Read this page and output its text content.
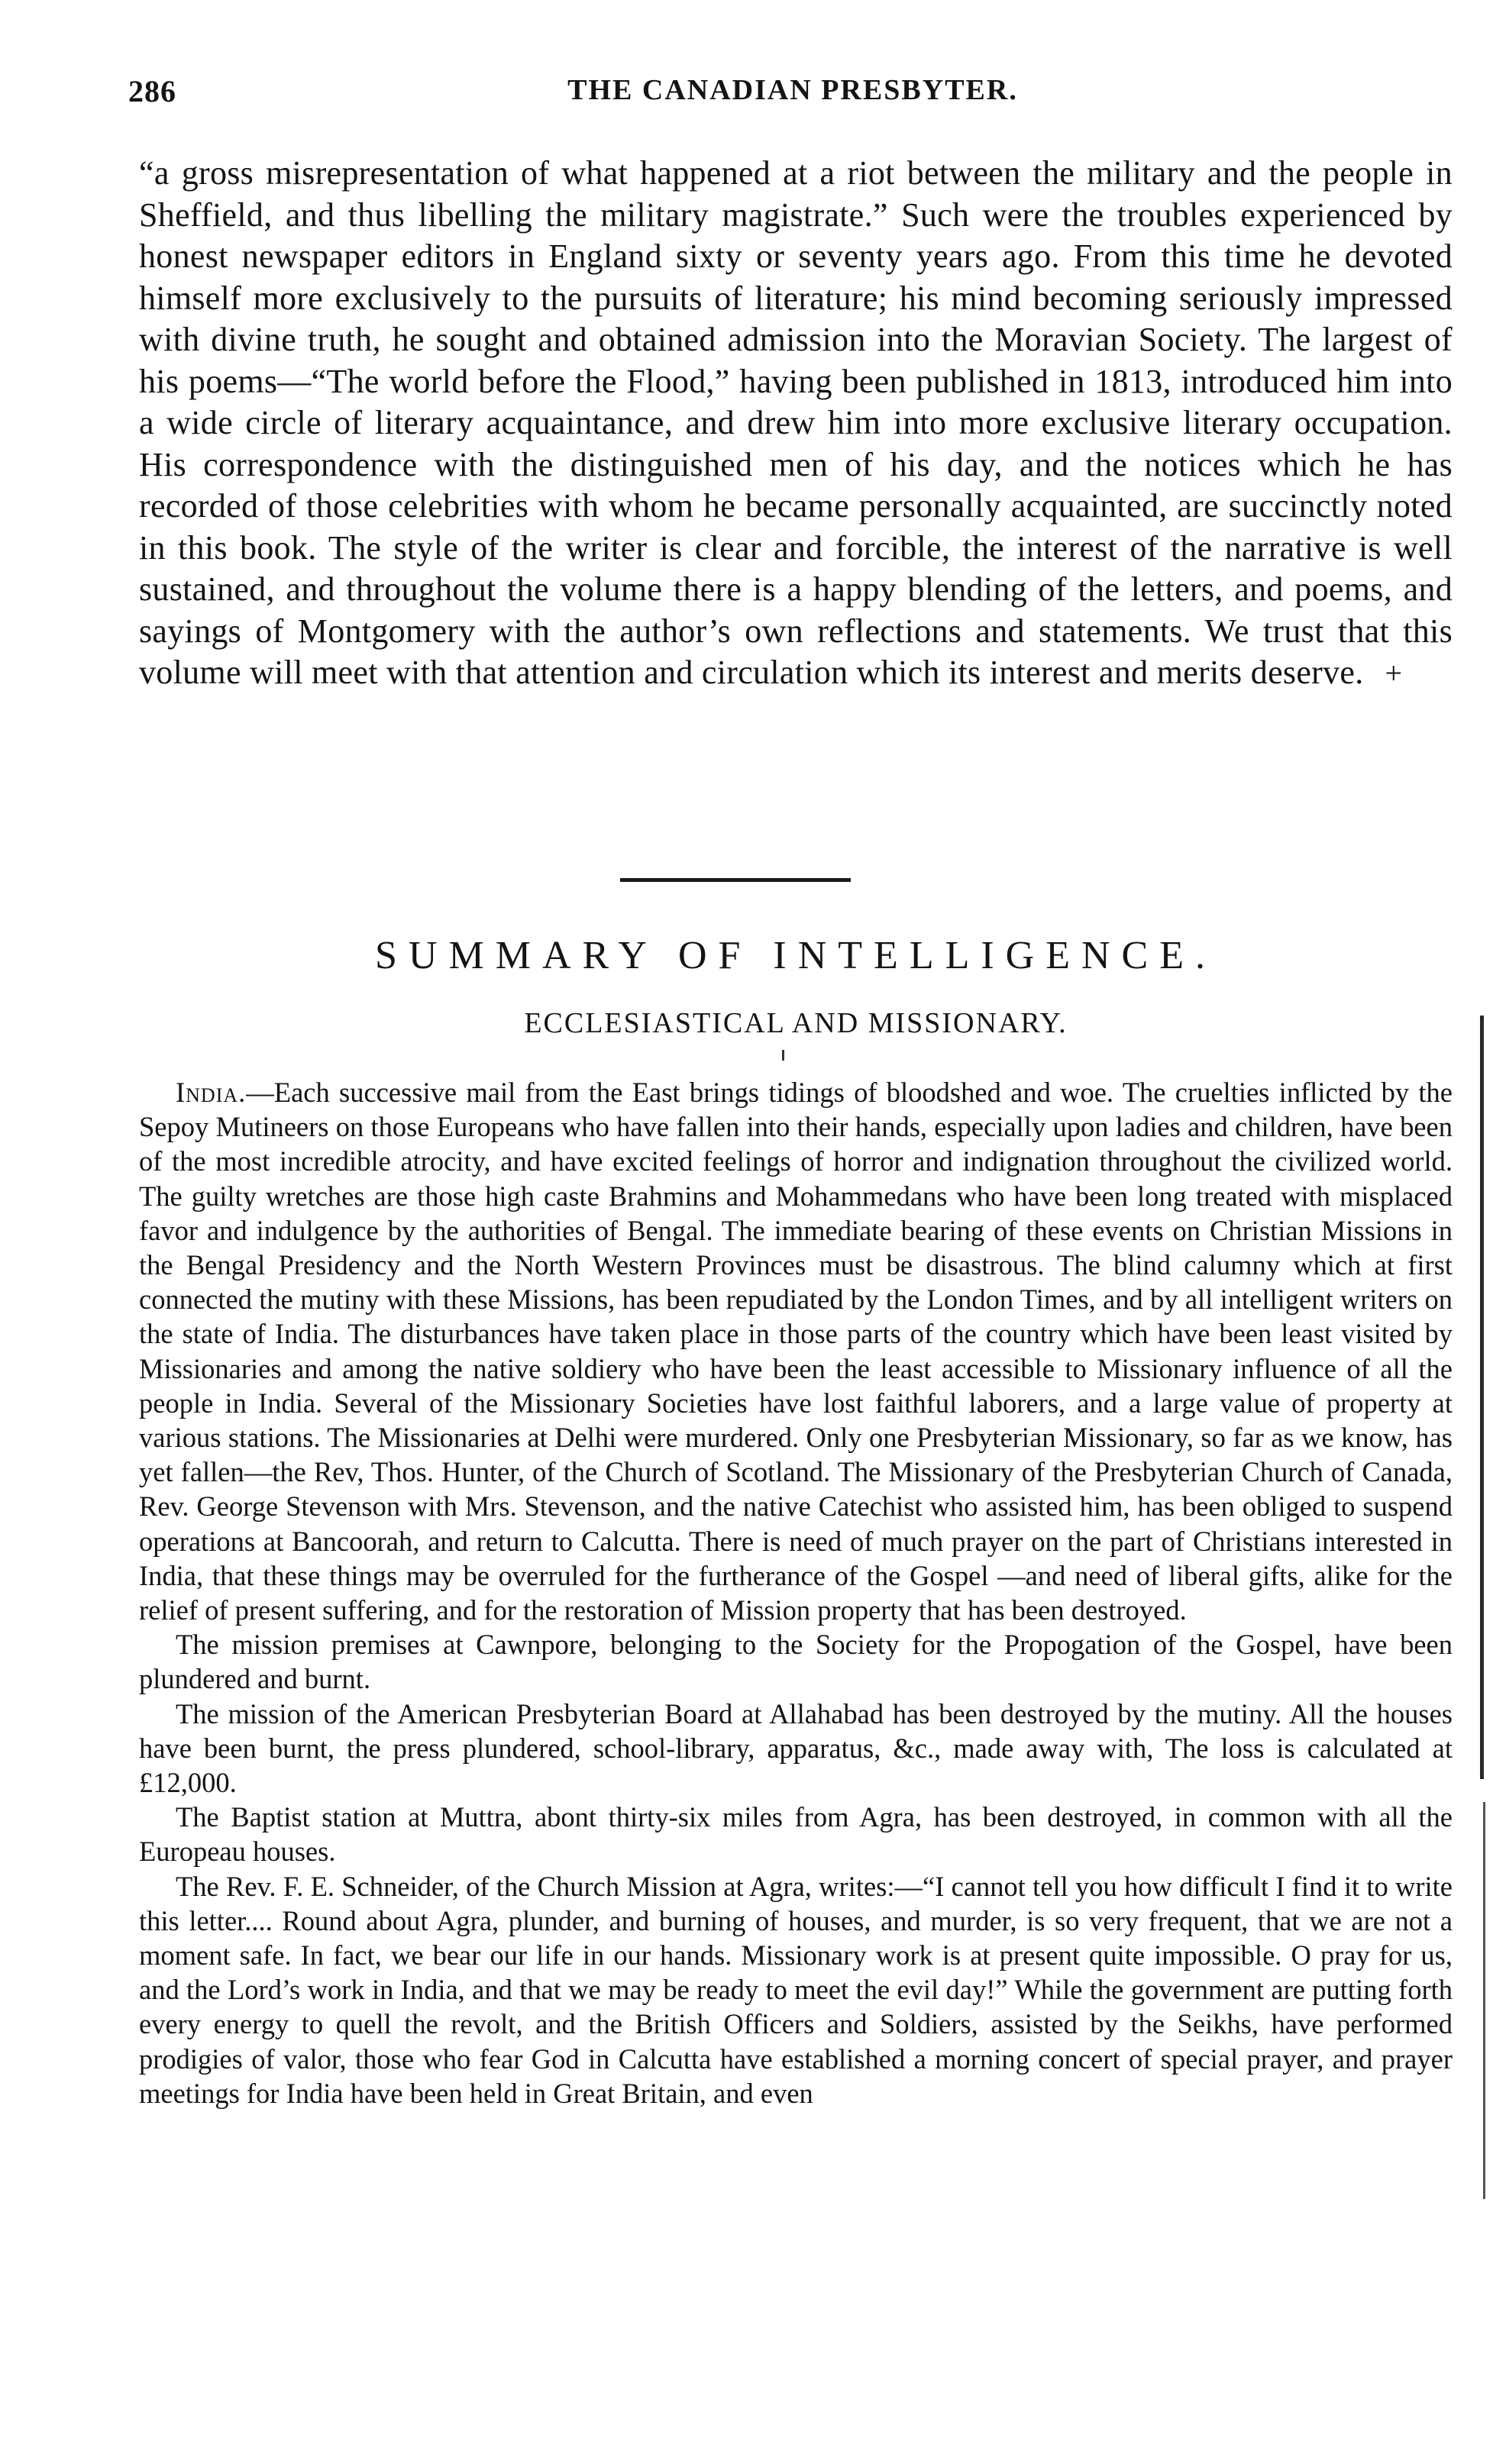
286	THE CANADIAN PRESBYTER.

“a gross misrepresentation of what happened at a riot between the military and the people in Sheffield, and thus libelling the military magistrate.” Such were the troubles experienced by honest newspaper editors in England sixty or seventy years ago. From this time he devoted himself more exclusively to the pursuits of literature; his mind becoming seriously impressed with divine truth, he sought and obtained admission into the Moravian Society. The largest of his poems—“The world before the Flood,” having been published in 1813, introduced him into a wide circle of literary acquaintance, and drew him into more exclusive literary occupation. His correspondence with the distinguished men of his day, and the notices which he has recorded of those celebrities with whom he became personally acquainted, are succinctly noted in this book. The style of the writer is clear and forcible, the interest of the narrative is well sustained, and throughout the volume there is a happy blending of the letters, and poems, and sayings of Montgomery with the author’s own reflections and statements. We trust that this volume will meet with that attention and circulation which its interest and merits deserve. +

SUMMARY OF INTELLIGENCE.
ECCLESIASTICAL AND MISSIONARY.

India.—Each successive mail from the East brings tidings of bloodshed and woe. The cruelties inflicted by the Sepoy Mutineers on those Europeans who have fallen into their hands, especially upon ladies and children, have been of the most incredible atrocity, and have excited feelings of horror and indignation throughout the civilized world. The guilty wretches are those high caste Brahmins and Mohammedans who have been long treated with misplaced favor and indulgence by the authorities of Bengal. The immediate bearing of these events on Christian Missions in the Bengal Presidency and the North Western Provinces must be disastrous. The blind calumny which at first connected the mutiny with these Missions, has been repudiated by the London Times, and by all intelligent writers on the state of India. The disturbances have taken place in those parts of the country which have been least visited by Missionaries and among the native soldiery who have been the least accessible to Missionary influence of all the people in India. Several of the Missionary Societies have lost faithful laborers, and a large value of property at various stations. The Missionaries at Delhi were murdered. Only one Presbyterian Missionary, so far as we know, has yet fallen—the Rev, Thos. Hunter, of the Church of Scotland. The Missionary of the Presbyterian Church of Canada, Rev. George Stevenson with Mrs. Stevenson, and the native Catechist who assisted him, has been obliged to suspend operations at Bancoorah, and return to Calcutta. There is need of much prayer on the part of Christians interested in India, that these things may be overruled for the furtherance of the Gospel —and need of liberal gifts, alike for the relief of present suffering, and for the restoration of Mission property that has been destroyed.

The mission premises at Cawnpore, belonging to the Society for the Propogation of the Gospel, have been plundered and burnt.

The mission of the American Presbyterian Board at Allahabad has been destroyed by the mutiny. All the houses have been burnt, the press plundered, school-library, apparatus, &c., made away with, The loss is calculated at £12,000.

The Baptist station at Muttra, abont thirty-six miles from Agra, has been destroyed, in common with all the Europeau houses.

The Rev. F. E. Schneider, of the Church Mission at Agra, writes:—“I cannot tell you how difficult I find it to write this letter.... Round about Agra, plunder, and burning of houses, and murder, is so very frequent, that we are not a moment safe. In fact, we bear our life in our hands. Missionary work is at present quite impossible. O pray for us, and the Lord’s work in India, and that we may be ready to meet the evil day!” While the government are putting forth every energy to quell the revolt, and the British Officers and Soldiers, assisted by the Seikhs, have performed prodigies of valor, those who fear God in Calcutta have established a morning concert of special prayer, and prayer meetings for India have been held in Great Britain, and even
